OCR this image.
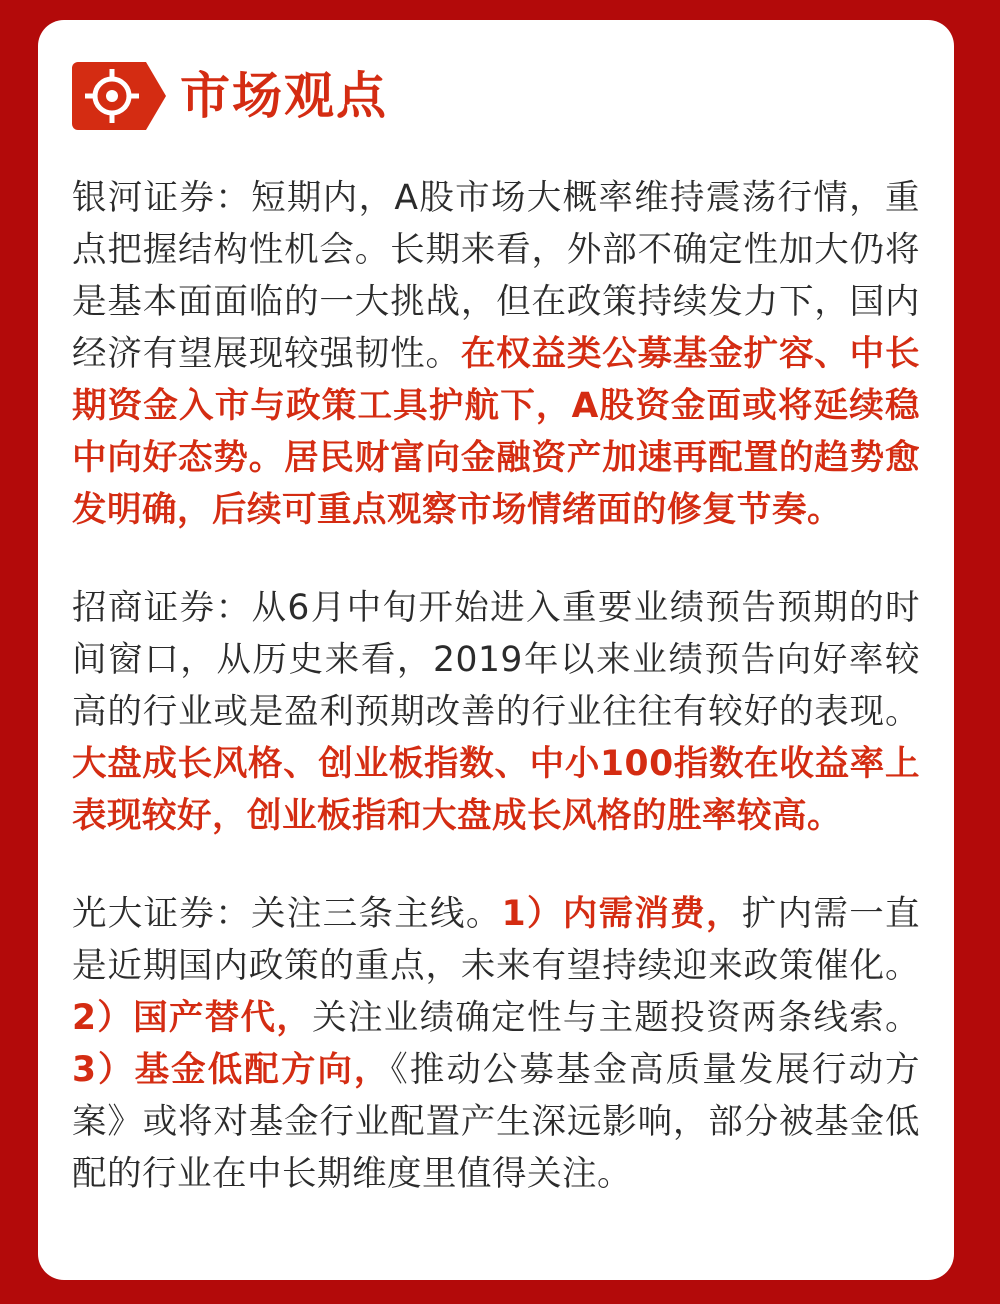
市场观点

银河证券：短期内，A股市场大概率维持震荡行情，重点把握结构性机会。长期来看，外部不确定性加大仍将是基本面面临的一大挑战，但在政策持续发力下，国内经济有望展现较强韧性。在权益类公募基金扩容、中长期资金入市与政策工具护航下，A股资金面或将延续稳中向好态势。居民财富向金融资产加速再配置的趋势愈发明确，后续可重点观察市场情绪面的修复节奏。

招商证券：从6月中旬开始进入重要业绩预告预期的时间窗口，从历史来看，2019年以来业绩预告向好率较高的行业或是盈利预期改善的行业往往有较好的表现。大盘成长风格、创业板指数、中小100指数在收益率上表现较好，创业板指和大盘成长风格的胜率较高。

光大证券：关注三条主线。1）内需消费，扩内需一直是近期国内政策的重点，未来有望持续迎来政策催化。2）国产替代，关注业绩确定性与主题投资两条线索。3）基金低配方向，《推动公募基金高质量发展行动方案》或将对基金行业配置产生深远影响，部分被基金低配的行业在中长期维度里值得关注。
